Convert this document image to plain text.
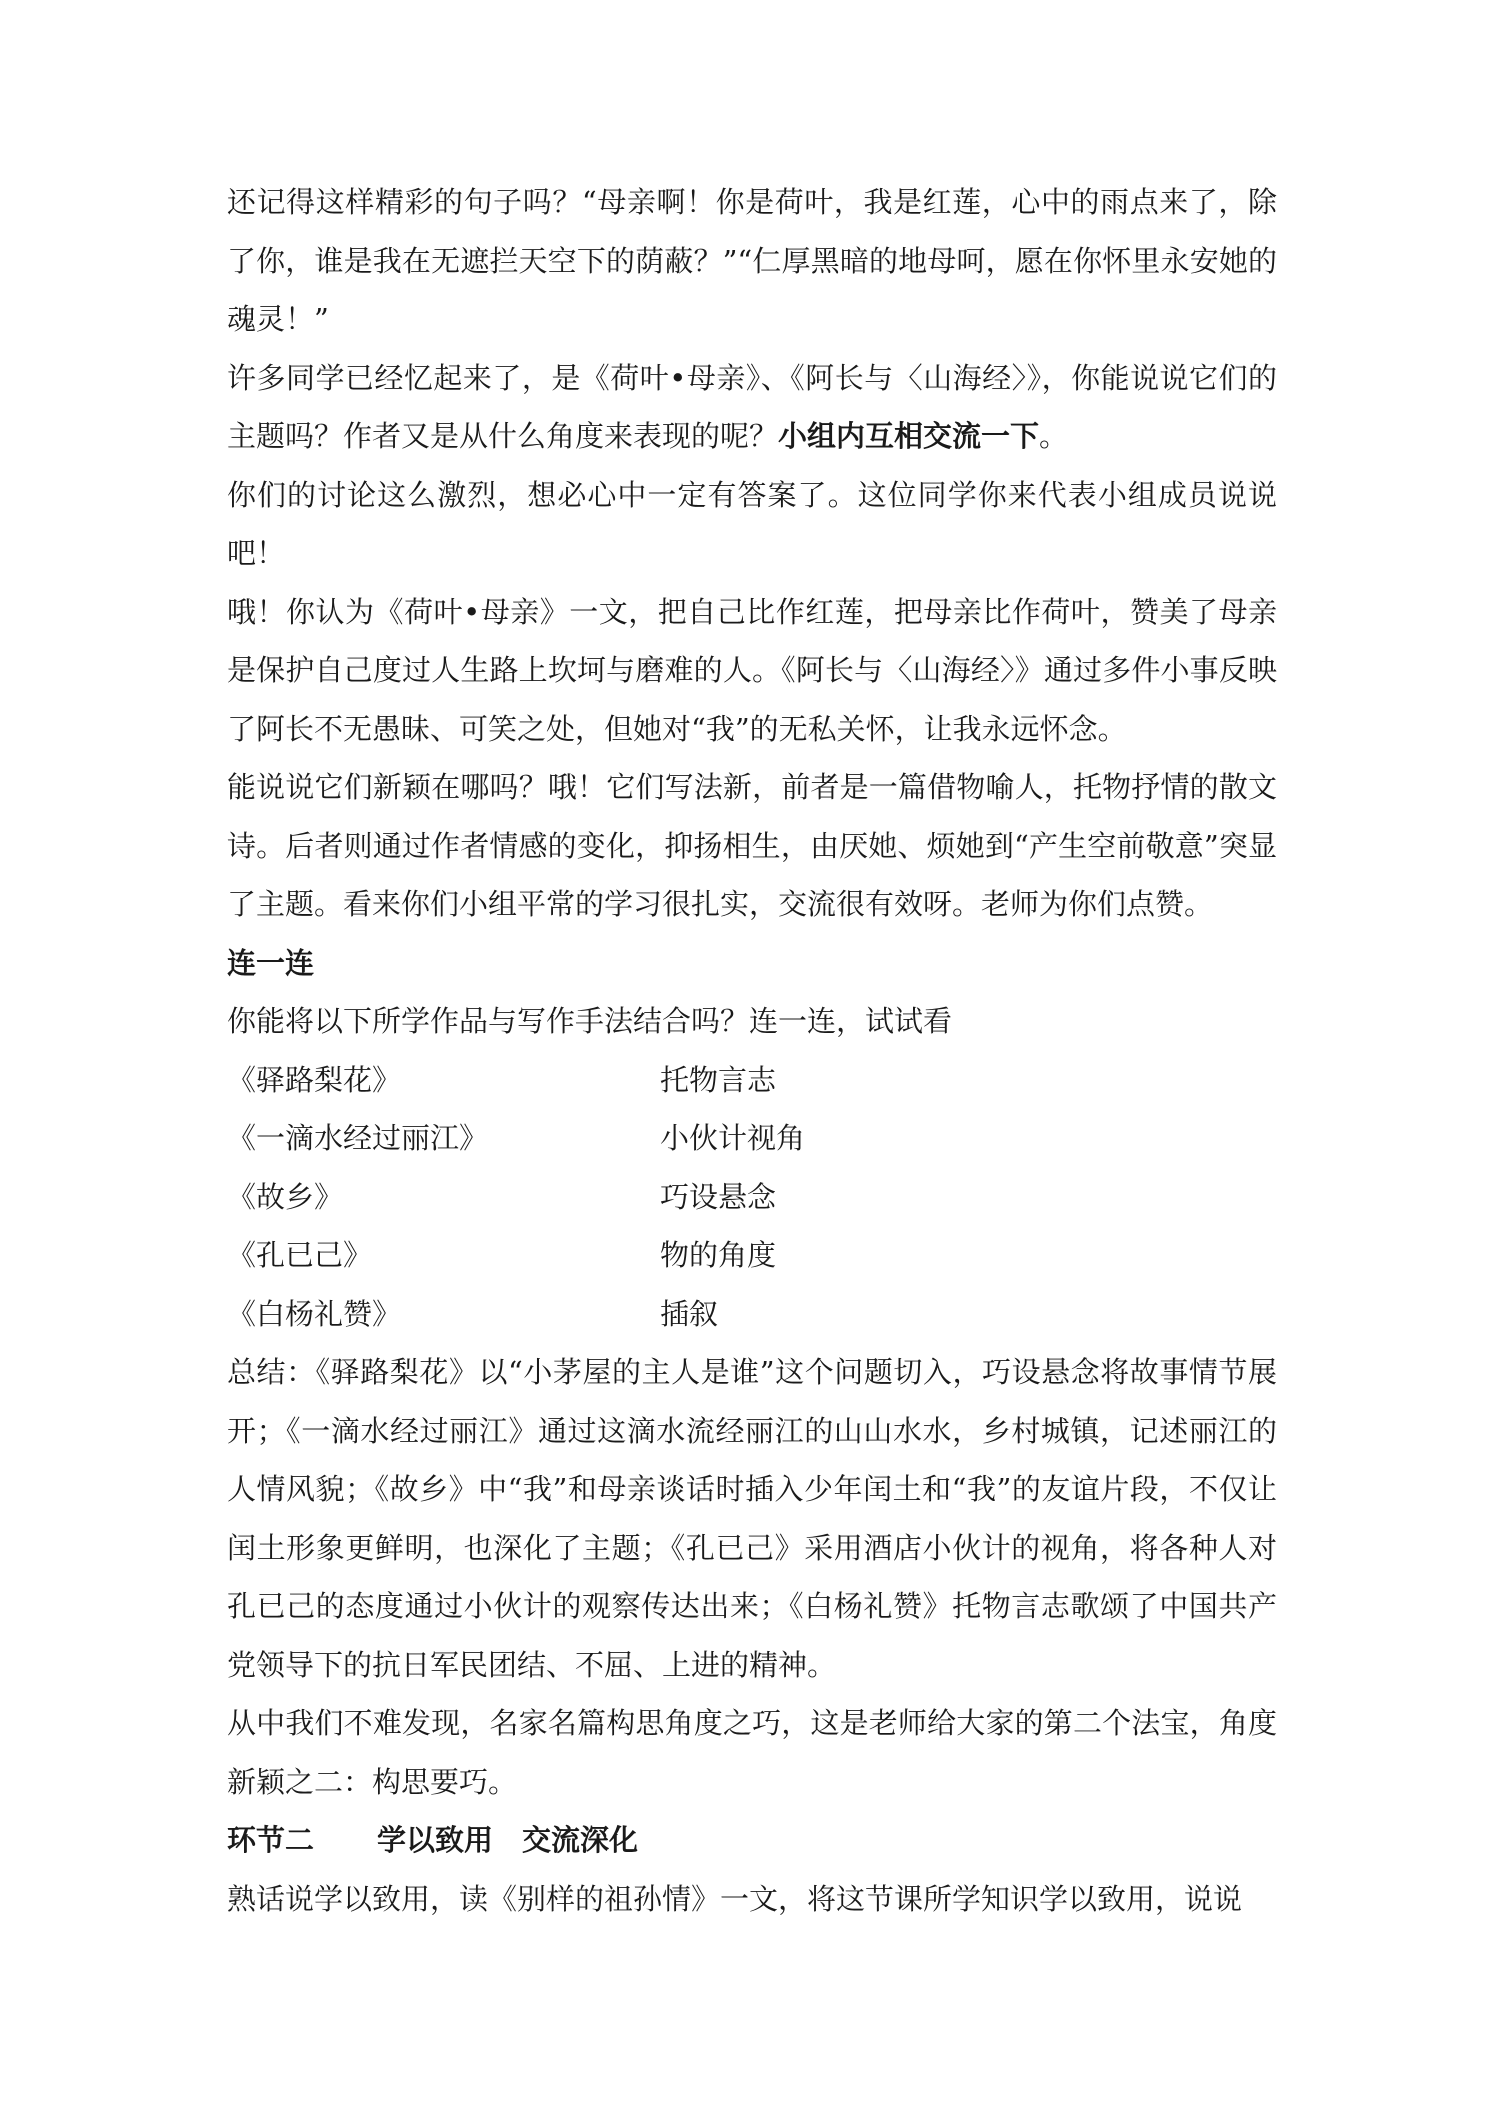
还记得这样精彩的句子吗？“母亲啊！你是荷叶，我是红莲，心中的雨点来了，除了你，谁是我在无遮拦天空下的荫蔽？”“仁厚黑暗的地母呵，愿在你怀里永安她的魂灵！”

许多同学已经忆起来了，是《荷叶•母亲》、《阿长与〈山海经〉》，你能说说它们的主题吗？作者又是从什么角度来表现的呢？小组内互相交流一下。

你们的讨论这么激烈，想必心中一定有答案了。这位同学你来代表小组成员说说吧！

哦！你认为《荷叶•母亲》一文，把自己比作红莲，把母亲比作荷叶，赞美了母亲是保护自己度过人生路上坎坷与磨难的人。《阿长与〈山海经〉》通过多件小事反映了阿长不无愚昧、可笑之处，但她对“我”的无私关怀，让我永远怀念。

能说说它们新颖在哪吗？哦！它们写法新，前者是一篇借物喻人，托物抒情的散文诗。后者则通过作者情感的变化，抑扬相生，由厌她、烦她到“产生空前敬意”突显了主题。看来你们小组平常的学习很扎实，交流很有效呀。老师为你们点赞。

连一连

你能将以下所学作品与写作手法结合吗？连一连，试试看

《驿路梨花》	托物言志
《一滴水经过丽江》	小伙计视角
《故乡》	巧设悬念
《孔已己》	物的角度
《白杨礼赞》	插叙

总结：《驿路梨花》以“小茅屋的主人是谁”这个问题切入，巧设悬念将故事情节展开；《一滴水经过丽江》通过这滴水流经丽江的山山水水，乡村城镇，记述丽江的人情风貌；《故乡》中“我”和母亲谈话时插入少年闰土和“我”的友谊片段，不仅让闰土形象更鲜明，也深化了主题；《孔已己》采用酒店小伙计的视角，将各种人对孔已己的态度通过小伙计的观察传达出来；《白杨礼赞》托物言志歌颂了中国共产党领导下的抗日军民团结、不屈、上进的精神。

从中我们不难发现，名家名篇构思角度之巧，这是老师给大家的第二个法宝，角度新颖之二：构思要巧。

环节二 学以致用　交流深化

熟话说学以致用，读《别样的祖孙情》一文，将这节课所学知识学以致用，说说
